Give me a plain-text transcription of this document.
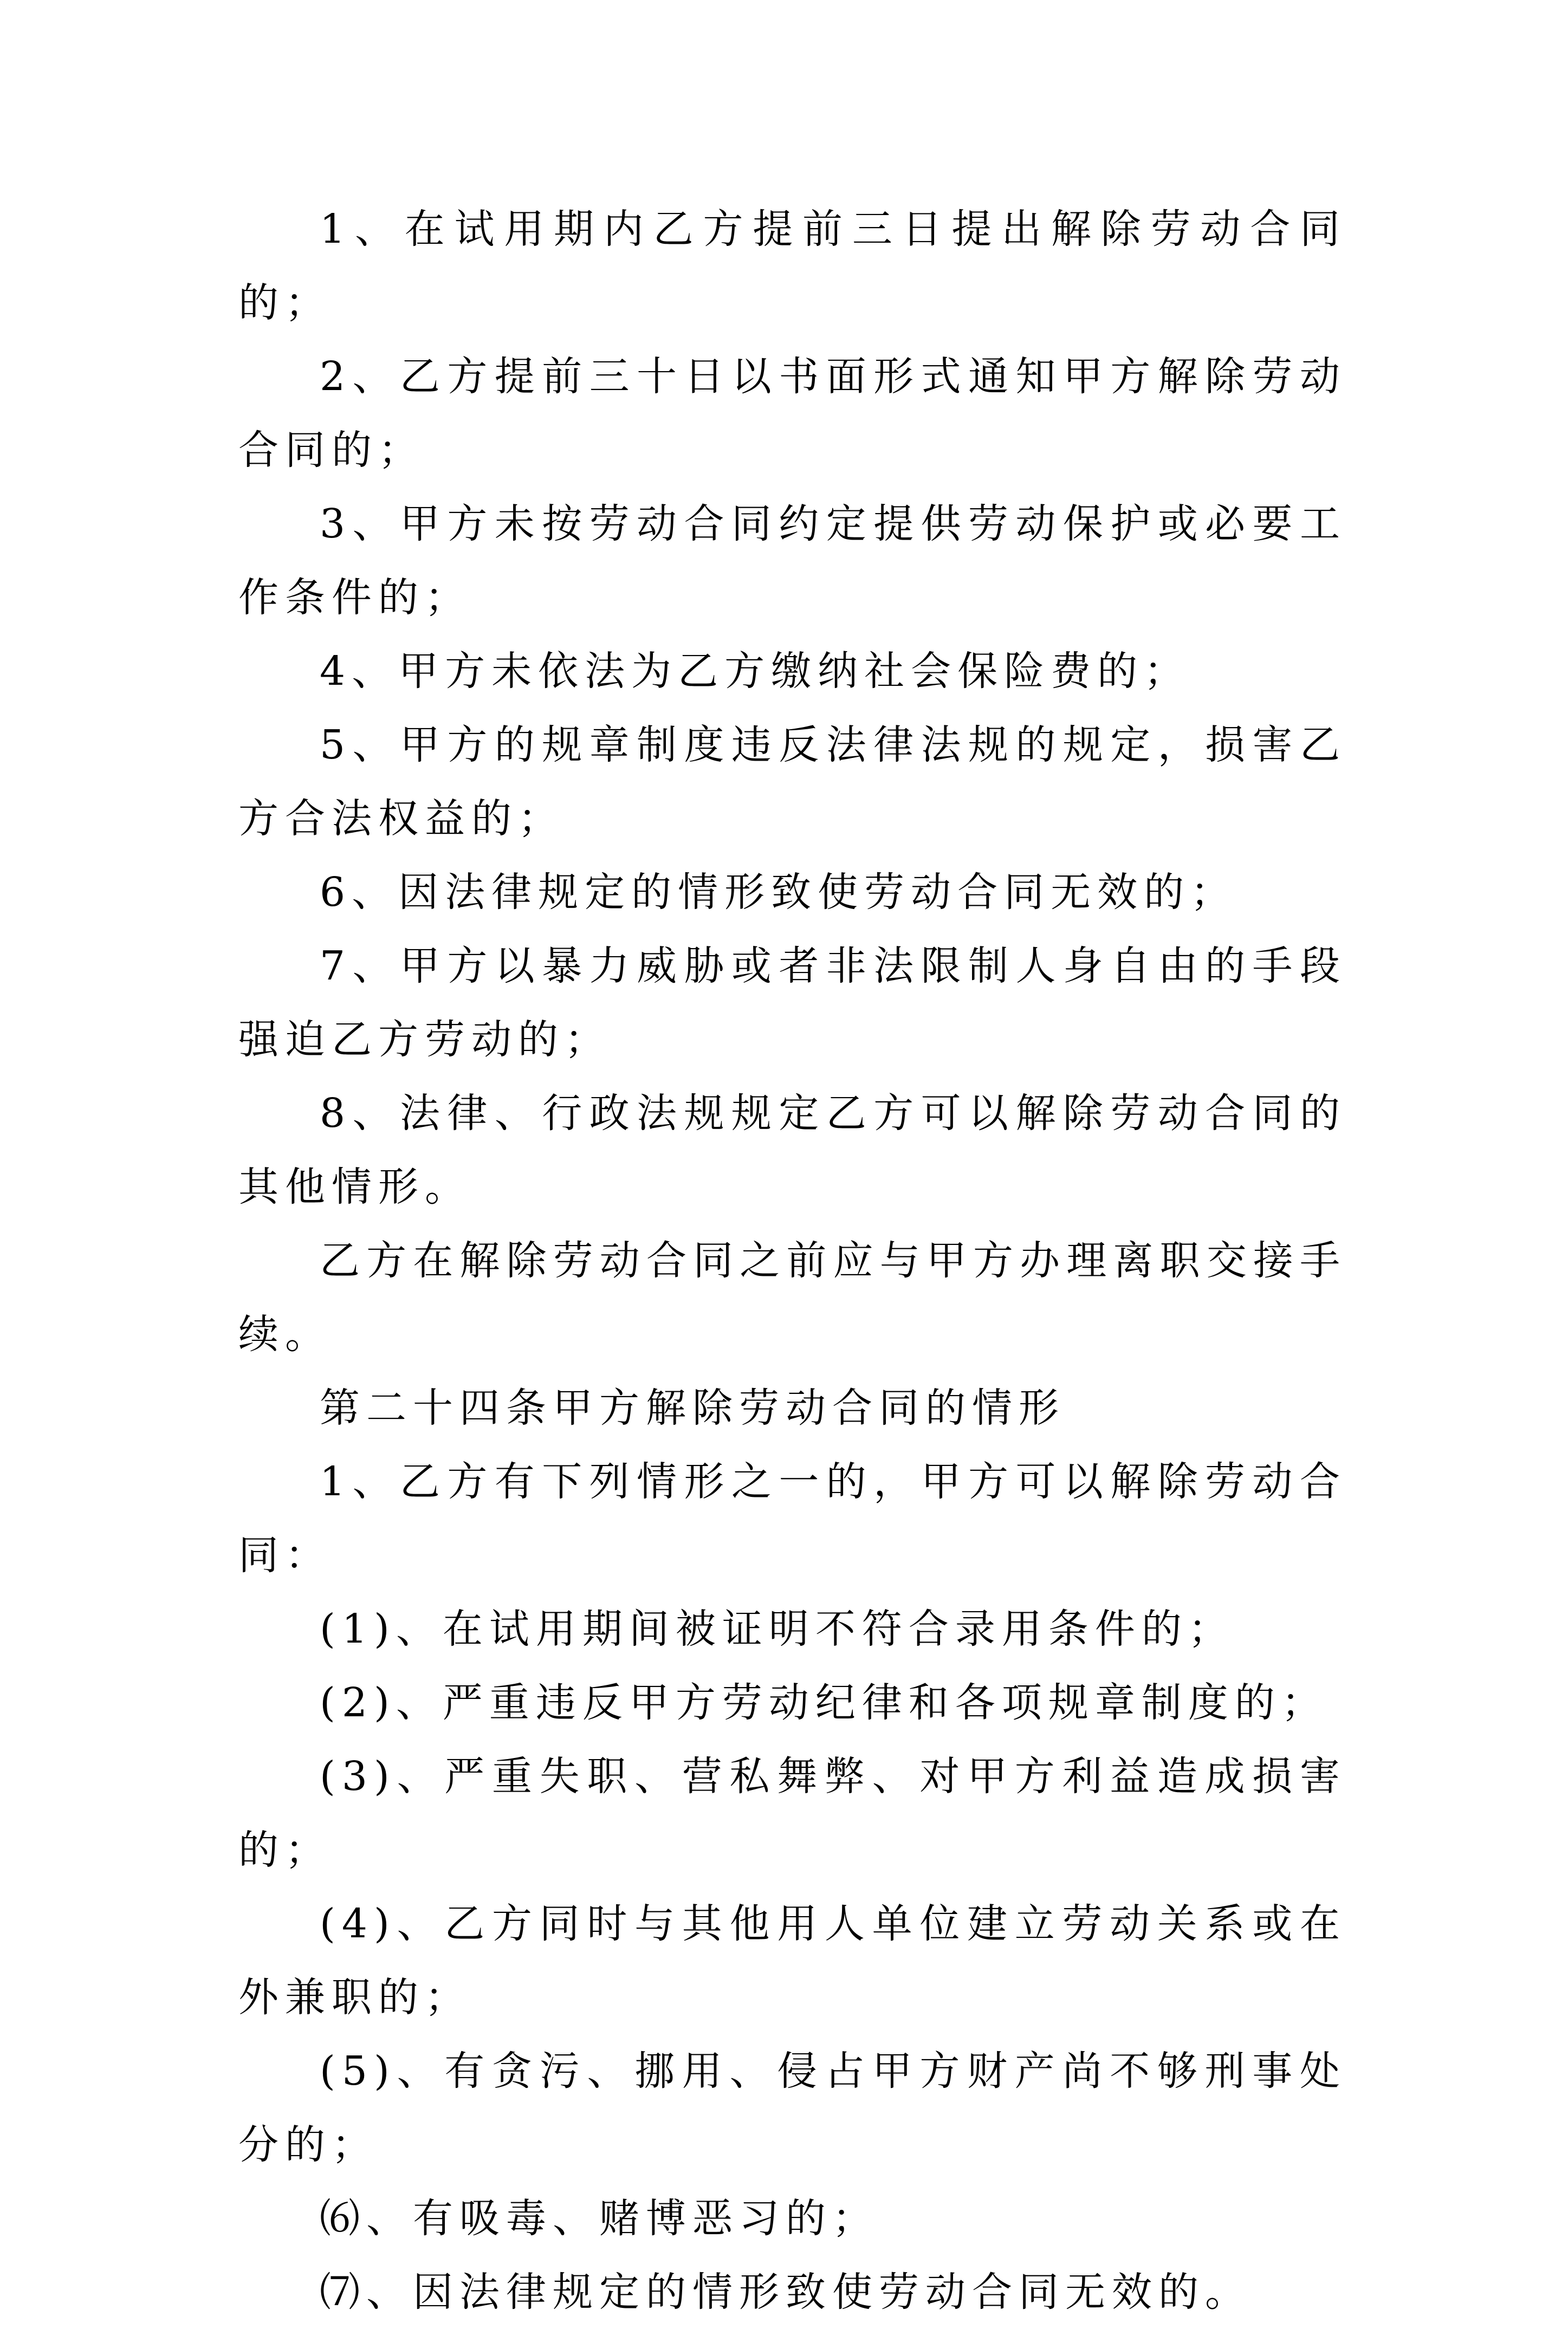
1、在试用期内乙方提前三日提出解除劳动合同的；

2、乙方提前三十日以书面形式通知甲方解除劳动合同的；

3、甲方未按劳动合同约定提供劳动保护或必要工作条件的；

4、甲方未依法为乙方缴纳社会保险费的；

5、甲方的规章制度违反法律法规的规定，损害乙方合法权益的；

6、因法律规定的情形致使劳动合同无效的；

7、甲方以暴力威胁或者非法限制人身自由的手段强迫乙方劳动的；

8、法律、行政法规规定乙方可以解除劳动合同的其他情形。

乙方在解除劳动合同之前应与甲方办理离职交接手续。

第二十四条甲方解除劳动合同的情形

1、乙方有下列情形之一的，甲方可以解除劳动合同：

(1)、在试用期间被证明不符合录用条件的；

(2)、严重违反甲方劳动纪律和各项规章制度的；

(3)、严重失职、营私舞弊、对甲方利益造成损害的；

(4)、乙方同时与其他用人单位建立劳动关系或在外兼职的；

(5)、有贪污、挪用、侵占甲方财产尚不够刑事处分的；

⑹、有吸毒、赌博恶习的；

⑺、因法律规定的情形致使劳动合同无效的。
